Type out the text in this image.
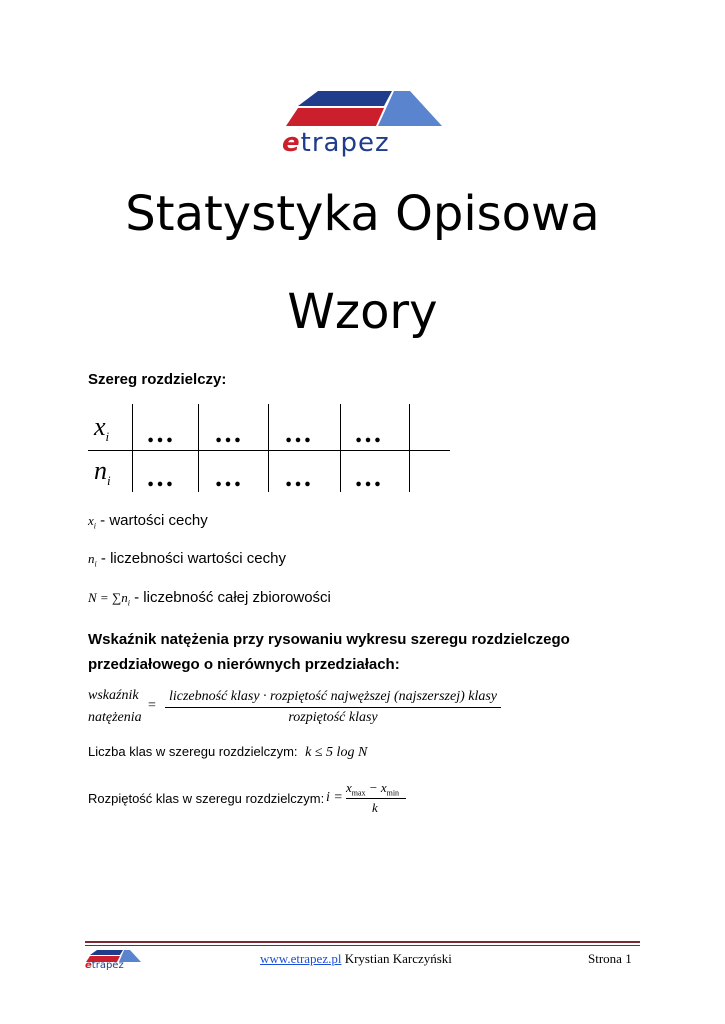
etrapez
Statystyka Opisowa
Wzory
Szereg rozdzielczy:
$x_i$ … … … …
$n_i$ … … … …
$x_i$ - wartości cechy
$n_i$ - liczebności wartości cechy
$N = \sum n_i$ - liczebność całej zbiorowości
Wskaźnik natężenia przy rysowaniu wykresu szeregu rozdzielczego przedziałowego o nierównych przedziałach:
wskaźnik
natężenia
=
liczebność klasy · rozpiętość najwęższej (najszerszej) klasy
rozpiętość klasy
Liczba klas w szeregu rozdzielczym: k ≤ 5 log N
Rozpiętość klas w szeregu rozdzielczym: i =
$x_{max} - x_{min}$
k
etrapez	www.etrapez.pl Krystian Karczyński	Strona 1
